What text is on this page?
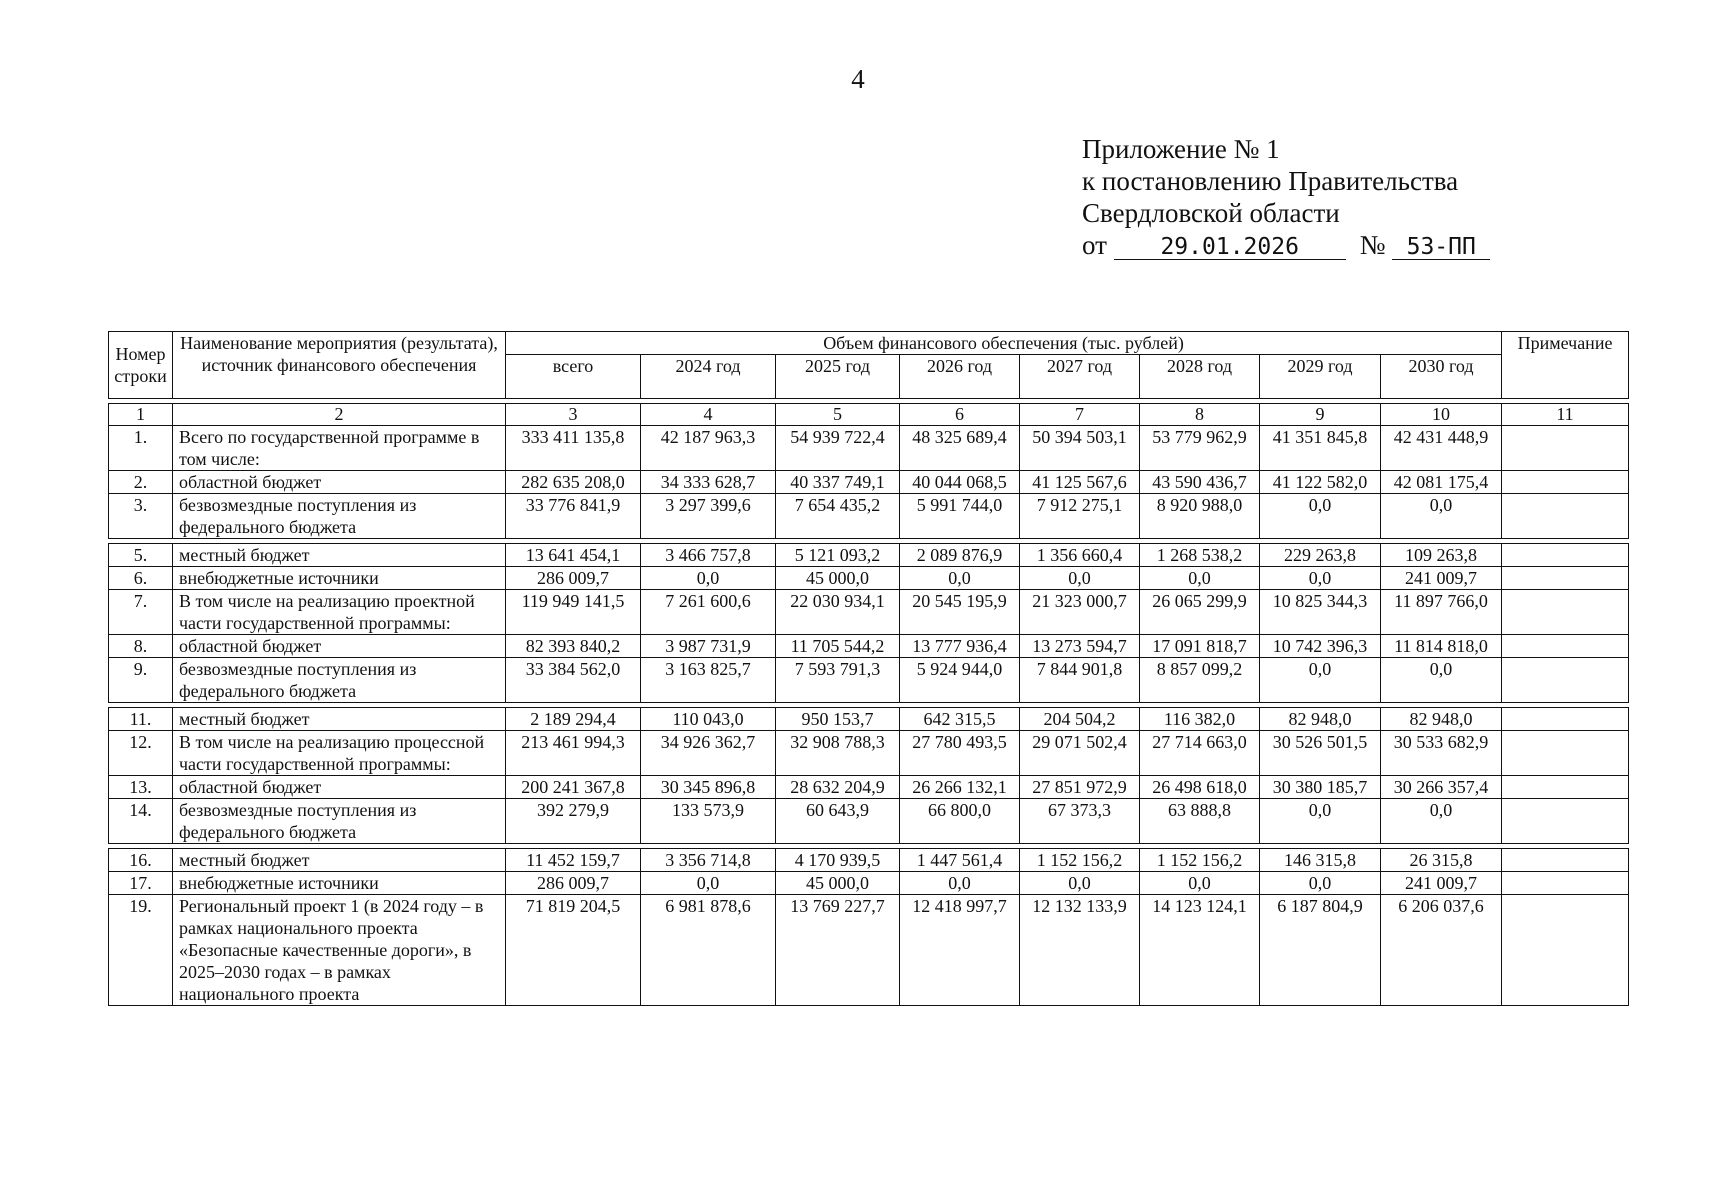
4
Приложение № 1
к постановлению Правительства
Свердловской области
от 29.01.2026 № 53-ПП
Номер строки	Наименование мероприятия (результата), источник финансового обеспечения	Объем финансового обеспечения (тыс. рублей)								Примечание
		всего	2024 год	2025 год	2026 год	2027 год	2028 год	2029 год	2030 год	

1	2	3	4	5	6	7	8	9	10	11
1.	Всего по государственной программе в том числе:	333 411 135,8	42 187 963,3	54 939 722,4	48 325 689,4	50 394 503,1	53 779 962,9	41 351 845,8	42 431 448,9	
2.	областной бюджет	282 635 208,0	34 333 628,7	40 337 749,1	40 044 068,5	41 125 567,6	43 590 436,7	41 122 582,0	42 081 175,4	
3.	безвозмездные поступления из федерального бюджета	33 776 841,9	3 297 399,6	7 654 435,2	5 991 744,0	7 912 275,1	8 920 988,0	0,0	0,0	

5.	местный бюджет	13 641 454,1	3 466 757,8	5 121 093,2	2 089 876,9	1 356 660,4	1 268 538,2	229 263,8	109 263,8	
6.	внебюджетные источники	286 009,7	0,0	45 000,0	0,0	0,0	0,0	0,0	241 009,7	
7.	В том числе на реализацию проектной части государственной программы:	119 949 141,5	7 261 600,6	22 030 934,1	20 545 195,9	21 323 000,7	26 065 299,9	10 825 344,3	11 897 766,0	
8.	областной бюджет	82 393 840,2	3 987 731,9	11 705 544,2	13 777 936,4	13 273 594,7	17 091 818,7	10 742 396,3	11 814 818,0	
9.	безвозмездные поступления из федерального бюджета	33 384 562,0	3 163 825,7	7 593 791,3	5 924 944,0	7 844 901,8	8 857 099,2	0,0	0,0	

11.	местный бюджет	2 189 294,4	110 043,0	950 153,7	642 315,5	204 504,2	116 382,0	82 948,0	82 948,0	
12.	В том числе на реализацию процессной части государственной программы:	213 461 994,3	34 926 362,7	32 908 788,3	27 780 493,5	29 071 502,4	27 714 663,0	30 526 501,5	30 533 682,9	
13.	областной бюджет	200 241 367,8	30 345 896,8	28 632 204,9	26 266 132,1	27 851 972,9	26 498 618,0	30 380 185,7	30 266 357,4	
14.	безвозмездные поступления из федерального бюджета	392 279,9	133 573,9	60 643,9	66 800,0	67 373,3	63 888,8	0,0	0,0	

16.	местный бюджет	11 452 159,7	3 356 714,8	4 170 939,5	1 447 561,4	1 152 156,2	1 152 156,2	146 315,8	26 315,8	
17.	внебюджетные источники	286 009,7	0,0	45 000,0	0,0	0,0	0,0	0,0	241 009,7	
19.	Региональный проект 1 (в 2024 году – в рамках национального проекта «Безопасные качественные дороги», в 2025–2030 годах – в рамках национального проекта	71 819 204,5	6 981 878,6	13 769 227,7	12 418 997,7	12 132 133,9	14 123 124,1	6 187 804,9	6 206 037,6	
